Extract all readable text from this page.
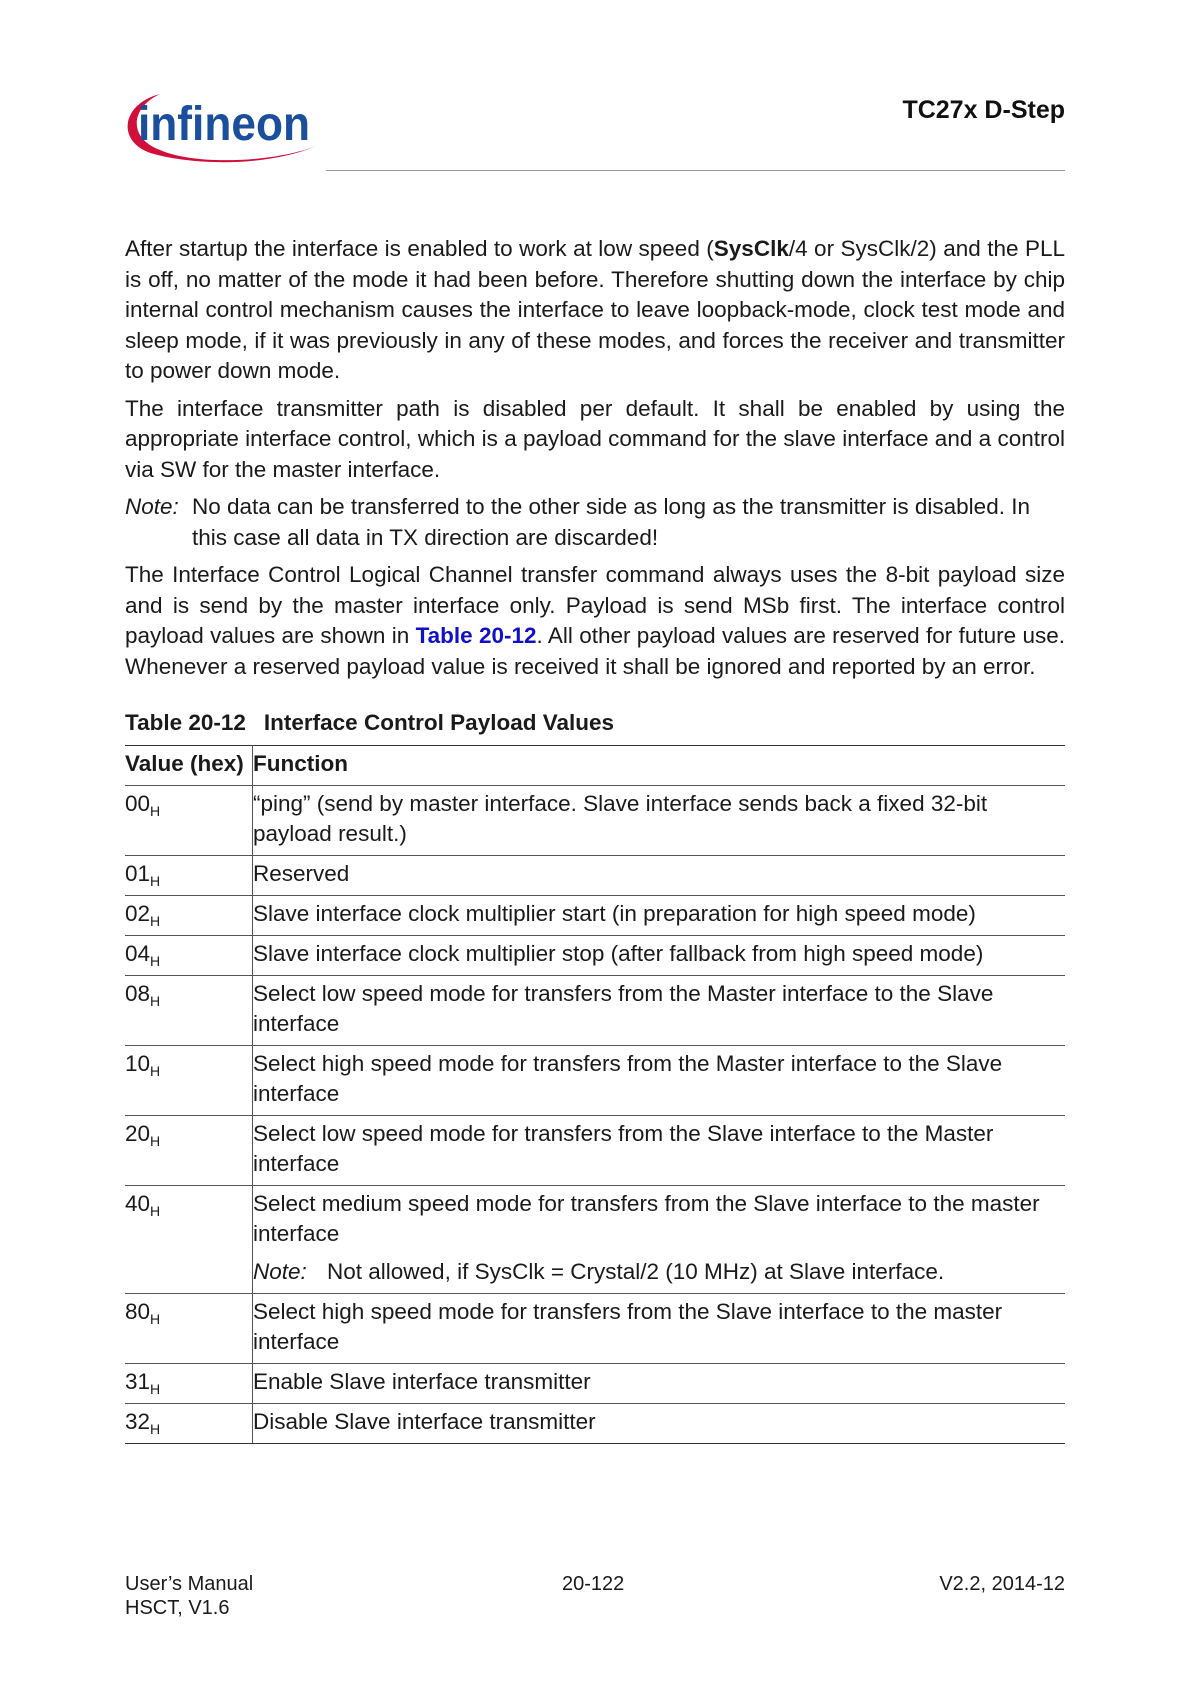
infineon	TC27x D-Step

After startup the interface is enabled to work at low speed (SysClk/4 or SysClk/2) and the PLL is off, no matter of the mode it had been before. Therefore shutting down the interface by chip internal control mechanism causes the interface to leave loopback-mode, clock test mode and sleep mode, if it was previously in any of these modes, and forces the receiver and transmitter to power down mode.

The interface transmitter path is disabled per default. It shall be enabled by using the appropriate interface control, which is a payload command for the slave interface and a control via SW for the master interface.

Note: No data can be transferred to the other side as long as the transmitter is disabled. In this case all data in TX direction are discarded!

The Interface Control Logical Channel transfer command always uses the 8-bit payload size and is send by the master interface only. Payload is send MSb first. The interface control payload values are shown in Table 20-12. All other payload values are reserved for future use. Whenever a reserved payload value is received it shall be ignored and reported by an error.

Table 20-12 Interface Control Payload Values
Value (hex)	Function
$00_H$	“ping” (send by master interface. Slave interface sends back a fixed 32-bit payload result.)

$01_H$	Reserved

$02_H$	Slave interface clock multiplier start (in preparation for high speed mode)

$04_H$	Slave interface clock multiplier stop (after fallback from high speed mode)

$08_H$	Select low speed mode for transfers from the Master interface to the Slave interface

$10_H$	Select high speed mode for transfers from the Master interface to the Slave interface

$20_H$	Select low speed mode for transfers from the Slave interface to the Master interface

$40_H$	Select medium speed mode for transfers from the Slave interface to the master interface
Note: Not allowed, if SysClk = Crystal/2 (10 MHz) at Slave interface.

$80_H$	Select high speed mode for transfers from the Slave interface to the master interface

$31_H$	Enable Slave interface transmitter

$32_H$	Disable Slave interface transmitter
User’s Manual
HSCT, V1.6
20-122	V2.2, 2014-12
